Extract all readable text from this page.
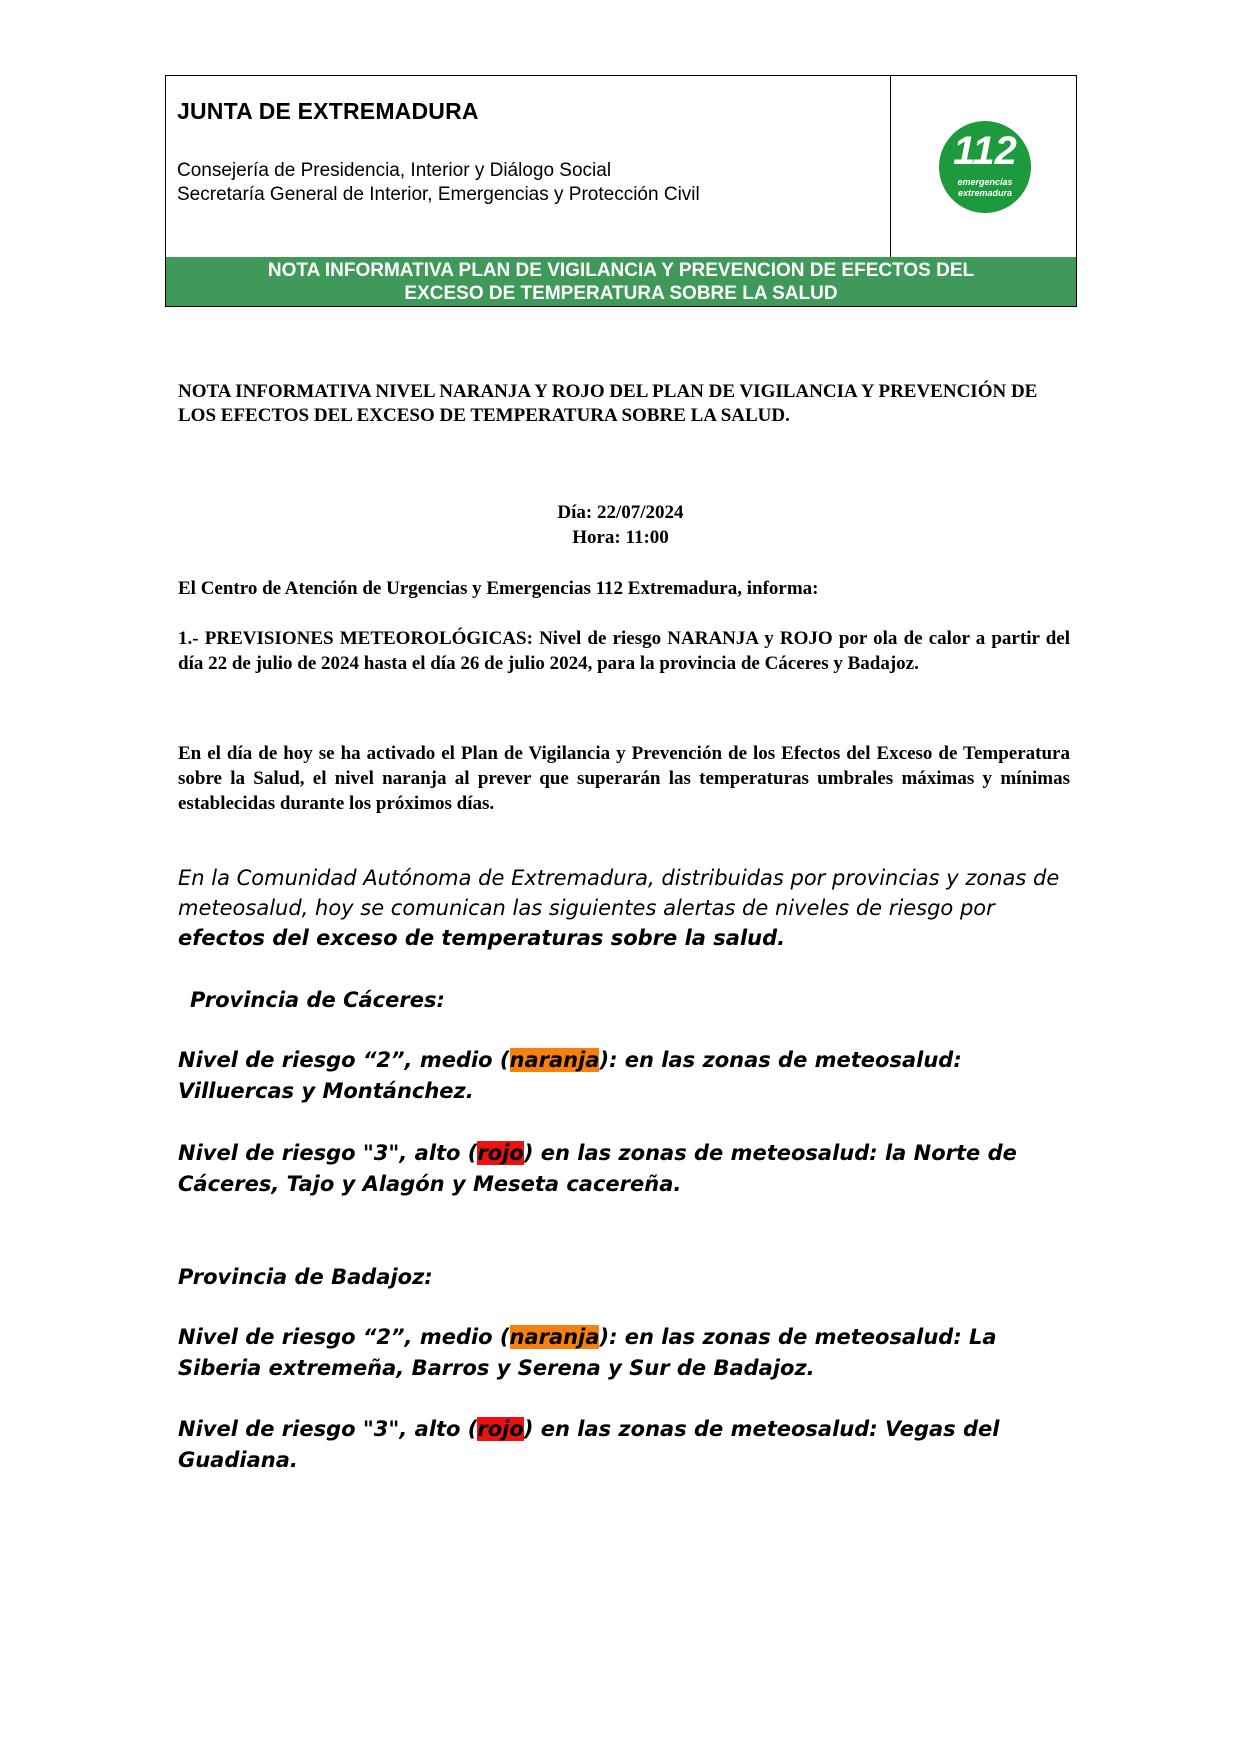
JUNTA DE EXTREMADURA
Consejería de Presidencia, Interior y Diálogo Social
Secretaría General de Interior, Emergencias y Protección Civil
112
emergencias
extremadura
NOTA INFORMATIVA PLAN DE VIGILANCIA Y PREVENCION DE EFECTOS DEL
EXCESO DE TEMPERATURA SOBRE LA SALUD
NOTA INFORMATIVA NIVEL NARANJA Y ROJO DEL PLAN DE VIGILANCIA Y PREVENCIÓN DE
LOS EFECTOS DEL EXCESO DE TEMPERATURA SOBRE LA SALUD.
Día: 22/07/2024
Hora: 11:00
El Centro de Atención de Urgencias y Emergencias 112 Extremadura, informa:
1.- PREVISIONES METEOROLÓGICAS: Nivel de riesgo NARANJA y ROJO por ola de calor a partir del día 22 de julio de 2024 hasta el día 26 de julio 2024, para la provincia de Cáceres y Badajoz.
En el día de hoy se ha activado el Plan de Vigilancia y Prevención de los Efectos del Exceso de Temperatura sobre la Salud, el nivel naranja al prever que superarán las temperaturas umbrales máximas y mínimas establecidas durante los próximos días.
En la Comunidad Autónoma de Extremadura, distribuidas por provincias y zonas de meteosalud, hoy se comunican las siguientes alertas de niveles de riesgo por efectos del exceso de temperaturas sobre la salud.
Provincia de Cáceres:
Nivel de riesgo “2”, medio (naranja): en las zonas de meteosalud: Villuercas y Montánchez.
Nivel de riesgo "3", alto (rojo) en las zonas de meteosalud: la Norte de Cáceres, Tajo y Alagón y Meseta cacereña.
Provincia de Badajoz:
Nivel de riesgo “2”, medio (naranja): en las zonas de meteosalud: La Siberia extremeña, Barros y Serena y Sur de Badajoz.
Nivel de riesgo "3", alto (rojo) en las zonas de meteosalud: Vegas del Guadiana.
